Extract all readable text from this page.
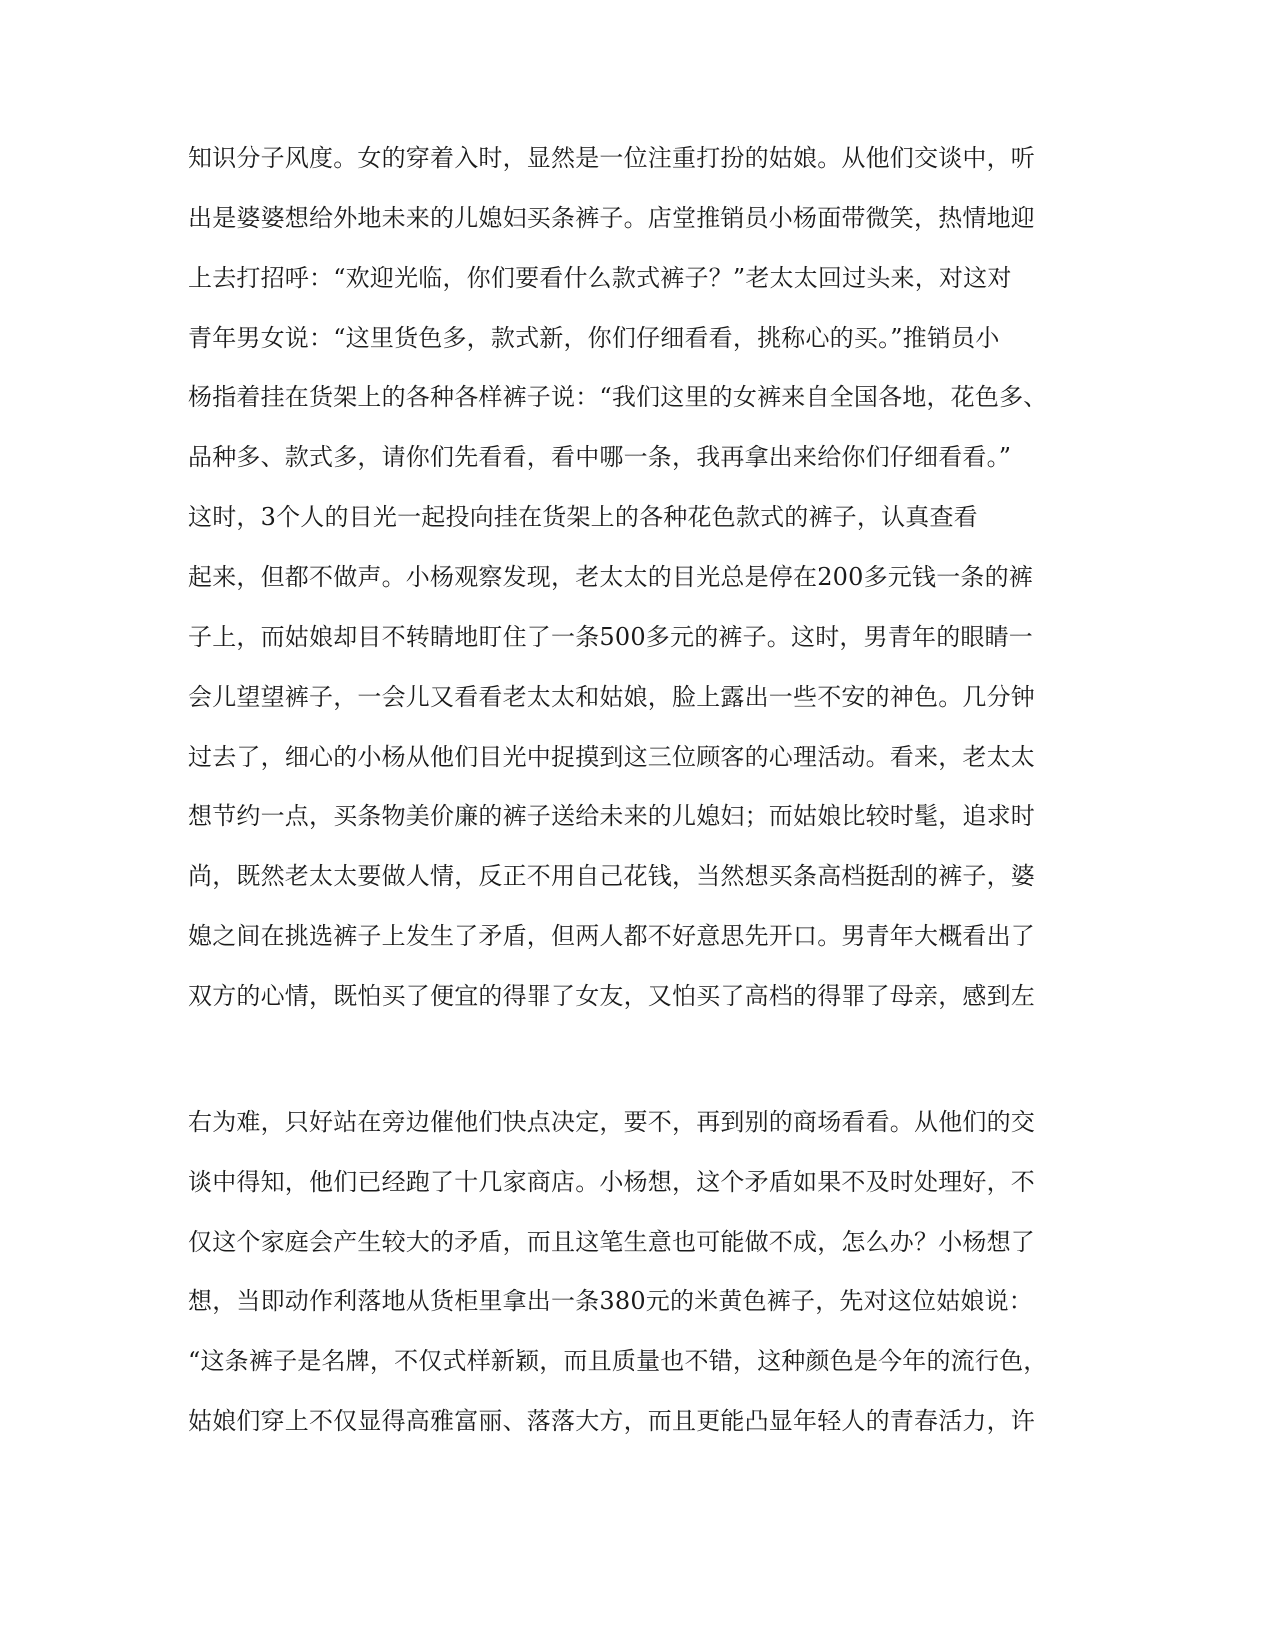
知识分子风度。女的穿着入时，显然是一位注重打扮的姑娘。从他们交谈中，听
出是婆婆想给外地未来的儿媳妇买条裤子。店堂推销员小杨面带微笑，热情地迎
上去打招呼：“欢迎光临，你们要看什么款式裤子？”老太太回过头来，对这对
青年男女说：“这里货色多，款式新，你们仔细看看，挑称心的买。”推销员小
杨指着挂在货架上的各种各样裤子说：“我们这里的女裤来自全国各地，花色多、
品种多、款式多，请你们先看看，看中哪一条，我再拿出来给你们仔细看看。”
这时，3个人的目光一起投向挂在货架上的各种花色款式的裤子，认真查看
起来，但都不做声。小杨观察发现，老太太的目光总是停在200多元钱一条的裤
子上，而姑娘却目不转睛地盯住了一条500多元的裤子。这时，男青年的眼睛一
会儿望望裤子，一会儿又看看老太太和姑娘，脸上露出一些不安的神色。几分钟
过去了，细心的小杨从他们目光中捉摸到这三位顾客的心理活动。看来，老太太
想节约一点，买条物美价廉的裤子送给未来的儿媳妇；而姑娘比较时髦，追求时
尚，既然老太太要做人情，反正不用自己花钱，当然想买条高档挺刮的裤子，婆
媳之间在挑选裤子上发生了矛盾，但两人都不好意思先开口。男青年大概看出了
双方的心情，既怕买了便宜的得罪了女友，又怕买了高档的得罪了母亲，感到左
右为难，只好站在旁边催他们快点决定，要不，再到别的商场看看。从他们的交
谈中得知，他们已经跑了十几家商店。小杨想，这个矛盾如果不及时处理好，不
仅这个家庭会产生较大的矛盾，而且这笔生意也可能做不成，怎么办？小杨想了
想，当即动作利落地从货柜里拿出一条380元的米黄色裤子，先对这位姑娘说：
“这条裤子是名牌，不仅式样新颖，而且质量也不错，这种颜色是今年的流行色，
姑娘们穿上不仅显得高雅富丽、落落大方，而且更能凸显年轻人的青春活力，许
